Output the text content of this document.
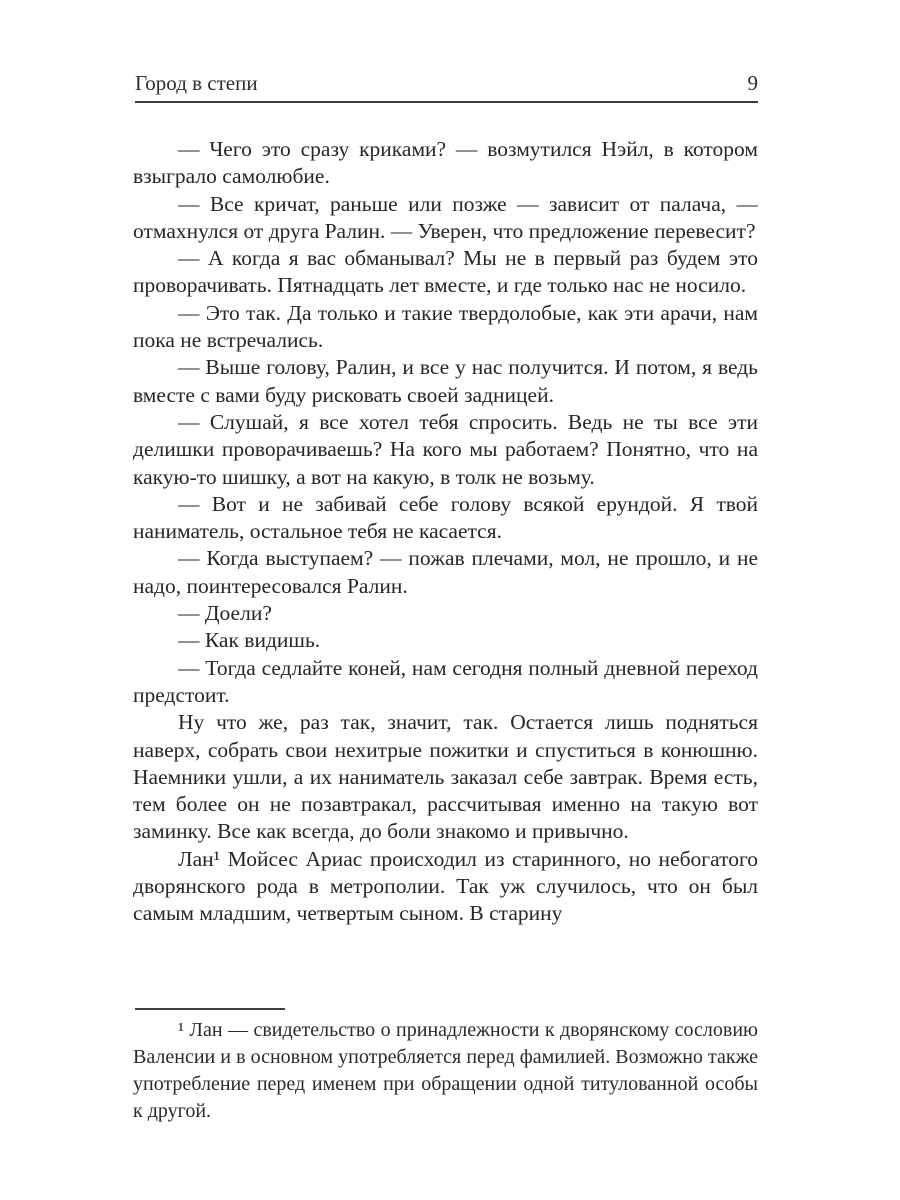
Город в степи	9

— Чего это сразу криками? — возмутился Нэйл, в котором взыграло самолюбие.

— Все кричат, раньше или позже — зависит от палача, — отмахнулся от друга Ралин. — Уверен, что предложение перевесит?

— А когда я вас обманывал? Мы не в первый раз будем это проворачивать. Пятнадцать лет вместе, и где только нас не носило.

— Это так. Да только и такие твердолобые, как эти арачи, нам пока не встречались.

— Выше голову, Ралин, и все у нас получится. И потом, я ведь вместе с вами буду рисковать своей задницей.

— Слушай, я все хотел тебя спросить. Ведь не ты все эти делишки проворачиваешь? На кого мы работаем? Понятно, что на какую-то шишку, а вот на какую, в толк не возьму.

— Вот и не забивай себе голову всякой ерундой. Я твой наниматель, остальное тебя не касается.

— Когда выступаем? — пожав плечами, мол, не прошло, и не надо, поинтересовался Ралин.

— Доели?

— Как видишь.

— Тогда седлайте коней, нам сегодня полный дневной переход предстоит.

Ну что же, раз так, значит, так. Остается лишь подняться наверх, собрать свои нехитрые пожитки и спуститься в конюшню. Наемники ушли, а их наниматель заказал себе завтрак. Время есть, тем более он не позавтракал, рассчитывая именно на такую вот заминку. Все как всегда, до боли знакомо и привычно.

Лан¹ Мойсес Ариас происходил из старинного, но небогатого дворянского рода в метрополии. Так уж случилось, что он был самым младшим, четвертым сыном. В старину

¹ Лан — свидетельство о принадлежности к дворянскому сословию Валенсии и в основном употребляется перед фамилией. Возможно также употребление перед именем при обращении одной титулованной особы к другой.
